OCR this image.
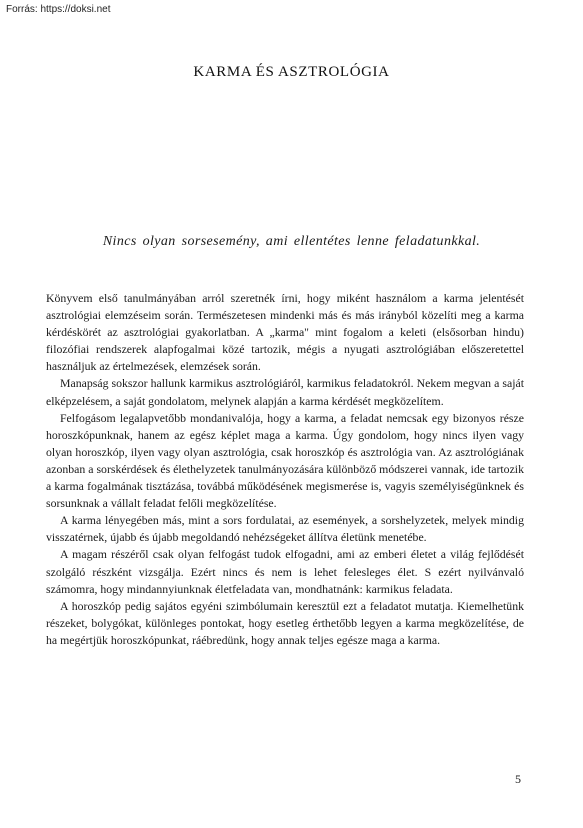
Forrás: https://doksi.net
KARMA ÉS ASZTROLÓGIA
Nincs olyan sorsesemény, ami ellentétes lenne feladatunkkal.

Könyvem első tanulmányában arról szeretnék írni, hogy miként használom a karma jelentését asztrológiai elemzéseim során. Természetesen mindenki más és más irányból közelíti meg a karma kérdéskörét az asztrológiai gyakorlatban. A „karma" mint fogalom a keleti (elsősorban hindu) filozófiai rendszerek alapfogalmai közé tartozik, mégis a nyugati asztrológiában előszeretettel használjuk az értelmezések, elemzések során.

Manapság sokszor hallunk karmikus asztrológiáról, karmikus feladatokról. Nekem megvan a saját elképzelésem, a saját gondolatom, melynek alapján a karma kérdését megközelítem.

Felfogásom legalapvetőbb mondanivalója, hogy a karma, a feladat nemcsak egy bizonyos része horoszkópunknak, hanem az egész képlet maga a karma. Úgy gondolom, hogy nincs ilyen vagy olyan horoszkóp, ilyen vagy olyan asztrológia, csak horoszkóp és asztrológia van. Az asztrológiának azonban a sorskérdések és élethelyzetek tanulmányozására különböző módszerei vannak, ide tartozik a karma fogalmának tisztázása, továbbá működésének megismerése is, vagyis személyiségünknek és sorsunknak a vállalt feladat felőli megközelítése.

A karma lényegében más, mint a sors fordulatai, az események, a sorshelyzetek, melyek mindig visszatérnek, újabb és újabb megoldandó nehézségeket állítva életünk menetébe.

A magam részéről csak olyan felfogást tudok elfogadni, ami az emberi életet a világ fejlődését szolgáló részként vizsgálja. Ezért nincs és nem is lehet felesleges élet. S ezért nyilvánvaló számomra, hogy mindannyiunknak életfeladata van, mondhatnánk: karmikus feladata.

A horoszkóp pedig sajátos egyéni szimbólumain keresztül ezt a feladatot mutatja. Kiemelhetünk részeket, bolygókat, különleges pontokat, hogy esetleg érthetőbb legyen a karma megközelítése, de ha megértjük horoszkópunkat, ráébredünk, hogy annak teljes egésze maga a karma.

5
